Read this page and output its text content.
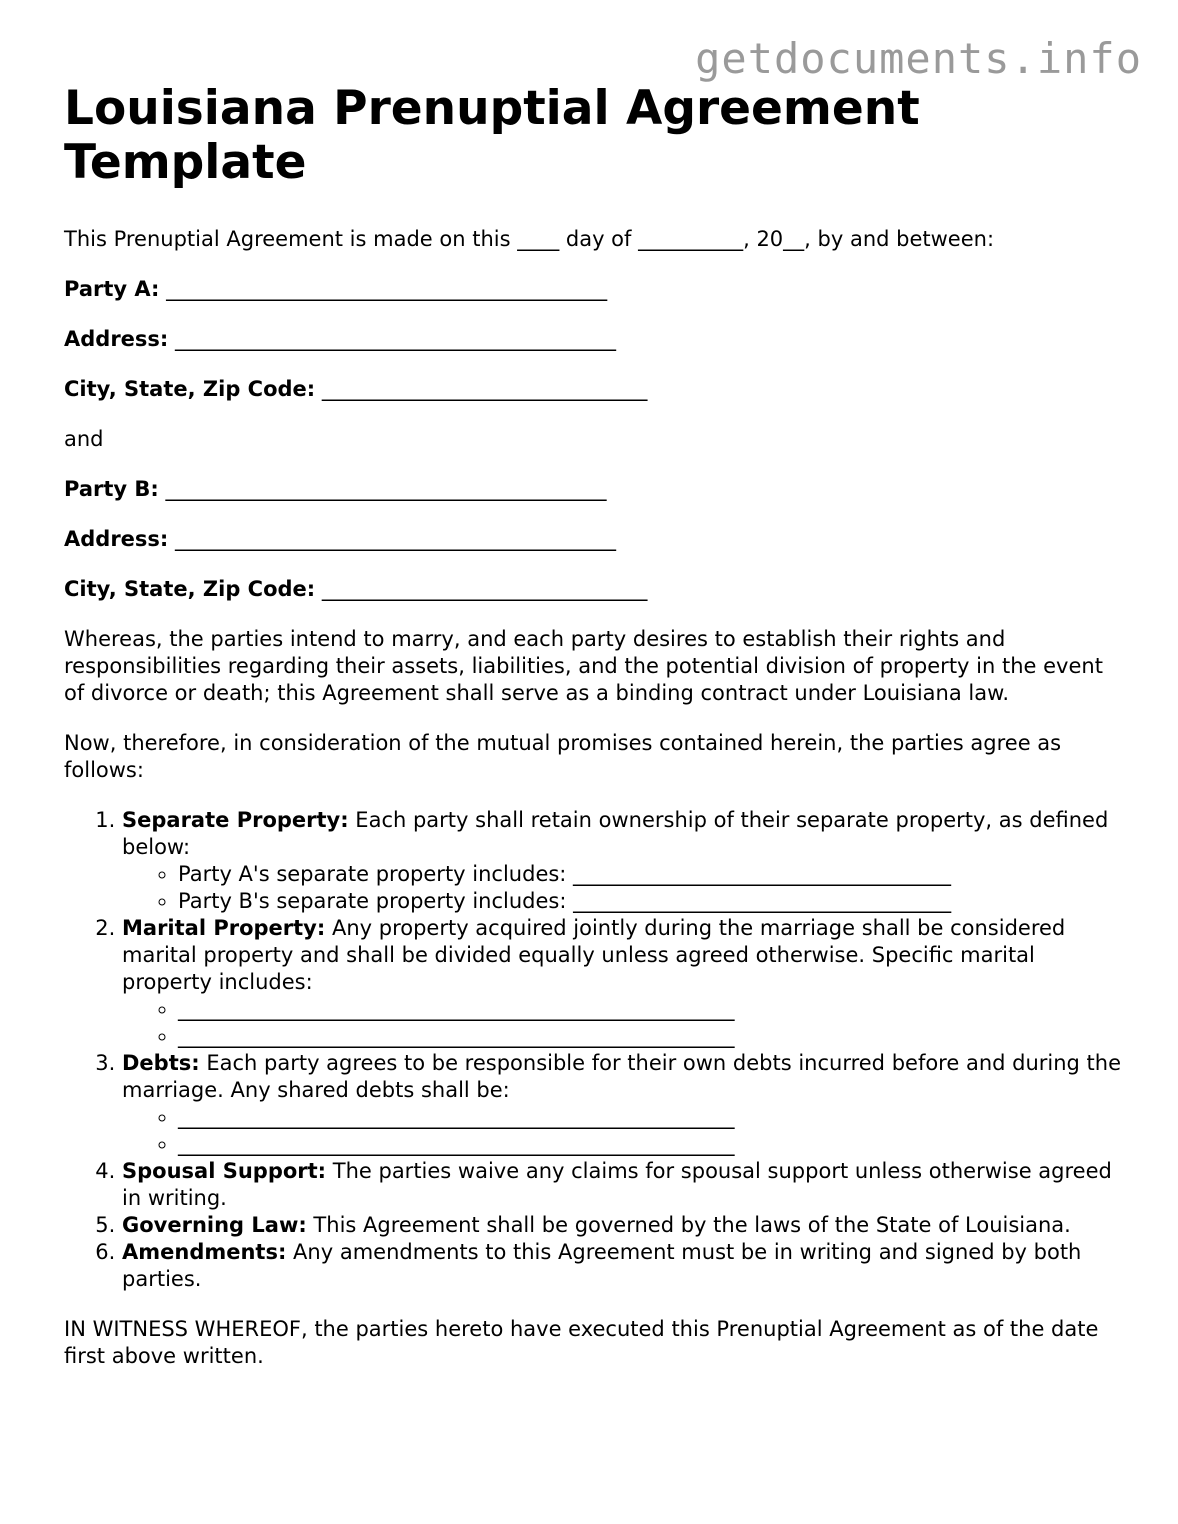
getdocuments.info
Louisiana Prenuptial Agreement Template

This Prenuptial Agreement is made on this ____ day of __________, 20__, by and between:

Party A: __________________________________________

Address: __________________________________________

City, State, Zip Code: _______________________________

and

Party B: __________________________________________

Address: __________________________________________

City, State, Zip Code: _______________________________

Whereas, the parties intend to marry, and each party desires to establish their rights and responsibilities regarding their assets, liabilities, and the potential division of property in the event of divorce or death; this Agreement shall serve as a binding contract under Louisiana law.

Now, therefore, in consideration of the mutual promises contained herein, the parties agree as follows:

1. Separate Property: Each party shall retain ownership of their separate property, as defined below:
◦ Party A's separate property includes: ____________________________________
◦ Party B's separate property includes: ____________________________________
2. Marital Property: Any property acquired jointly during the marriage shall be considered marital property and shall be divided equally unless agreed otherwise. Specific marital property includes:
◦ _____________________________________________________
◦ _____________________________________________________
3. Debts: Each party agrees to be responsible for their own debts incurred before and during the marriage. Any shared debts shall be:
◦ _____________________________________________________
◦ _____________________________________________________
4. Spousal Support: The parties waive any claims for spousal support unless otherwise agreed in writing.
5. Governing Law: This Agreement shall be governed by the laws of the State of Louisiana.
6. Amendments: Any amendments to this Agreement must be in writing and signed by both parties.

IN WITNESS WHEREOF, the parties hereto have executed this Prenuptial Agreement as of the date first above written.
